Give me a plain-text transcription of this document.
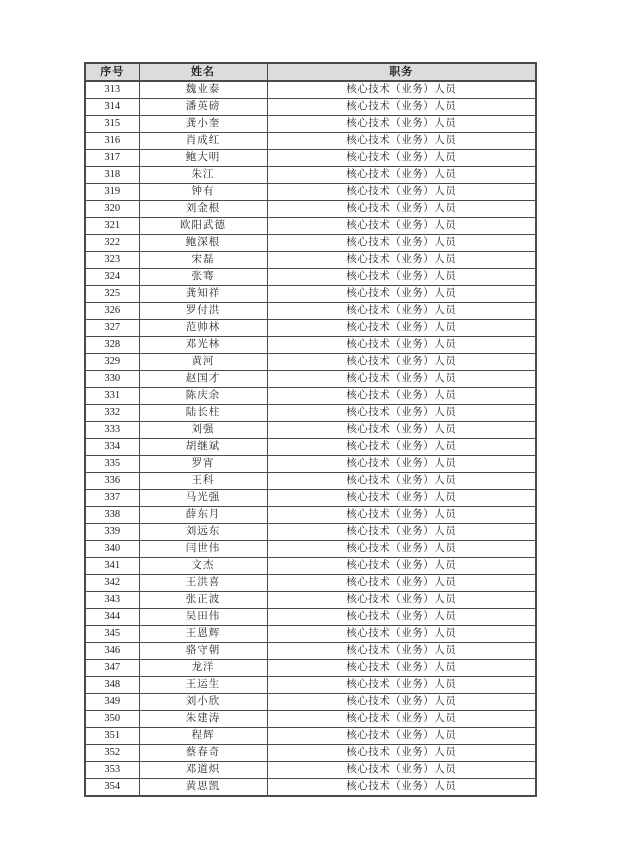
序号	姓名	职务
313	魏业泰	核心技术（业务）人员
314	潘英磅	核心技术（业务）人员
315	龚小奎	核心技术（业务）人员
316	肖成红	核心技术（业务）人员
317	鲍大明	核心技术（业务）人员
318	朱江	核心技术（业务）人员
319	钟有	核心技术（业务）人员
320	刘金根	核心技术（业务）人员
321	欧阳武德	核心技术（业务）人员
322	鲍深根	核心技术（业务）人员
323	宋磊	核心技术（业务）人员
324	张骞	核心技术（业务）人员
325	龚知祥	核心技术（业务）人员
326	罗付洪	核心技术（业务）人员
327	范帅林	核心技术（业务）人员
328	邓光林	核心技术（业务）人员
329	黄河	核心技术（业务）人员
330	赵国才	核心技术（业务）人员
331	陈庆余	核心技术（业务）人员
332	陆长柱	核心技术（业务）人员
333	刘强	核心技术（业务）人员
334	胡继斌	核心技术（业务）人员
335	罗宵	核心技术（业务）人员
336	王科	核心技术（业务）人员
337	马光强	核心技术（业务）人员
338	薛东月	核心技术（业务）人员
339	刘远东	核心技术（业务）人员
340	闫世伟	核心技术（业务）人员
341	文杰	核心技术（业务）人员
342	王洪喜	核心技术（业务）人员
343	张正波	核心技术（业务）人员
344	吴田伟	核心技术（业务）人员
345	王恩辉	核心技术（业务）人员
346	骆守朝	核心技术（业务）人员
347	龙洋	核心技术（业务）人员
348	王运生	核心技术（业务）人员
349	刘小欣	核心技术（业务）人员
350	朱建涛	核心技术（业务）人员
351	程辉	核心技术（业务）人员
352	蔡春奇	核心技术（业务）人员
353	邓道炽	核心技术（业务）人员
354	黄思凯	核心技术（业务）人员
